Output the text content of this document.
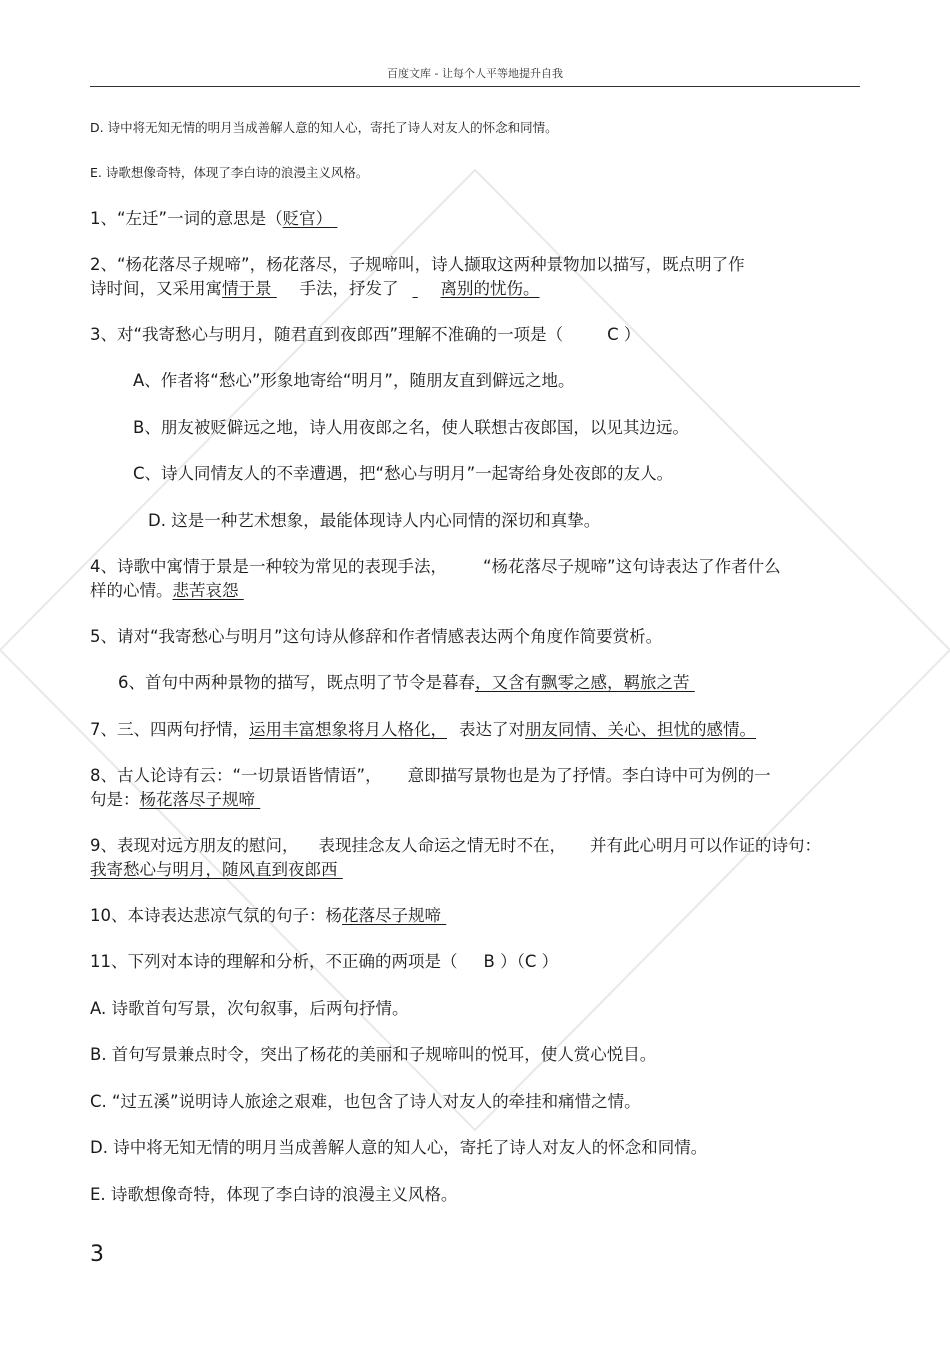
百度文库 - 让每个人平等地提升自我
D. 诗中将无知无情的明月当成善解人意的知人心，寄托了诗人对友人的怀念和同情。
E. 诗歌想像奇特，体现了李白诗的浪漫主义风格。
1、“左迁”一词的意思是（贬官）
2、“杨花落尽子规啼”，杨花落尽，子规啼叫，诗人撷取这两种景物加以描写，既点明了作
诗时间，又采用寓情于景 手法，抒发了	离别的忧伤。
3、对“我寄愁心与明月，随君直到夜郎西”理解不准确的一项是（	C ）
A、作者将“愁心”形象地寄给“明月”，随朋友直到僻远之地。
B、朋友被贬僻远之地，诗人用夜郎之名，使人联想古夜郎国，以见其边远。
C、诗人同情友人的不幸遭遇，把“愁心与明月”一起寄给身处夜郎的友人。
D. 这是一种艺术想象，最能体现诗人内心同情的深切和真挚。
4、诗歌中寓情于景是一种较为常见的表现手法， “杨花落尽子规啼”这句诗表达了作者什么
样的心情。悲苦哀怨
5、请对“我寄愁心与明月”这句诗从修辞和作者情感表达两个角度作简要赏析。
6、首句中两种景物的描写，既点明了节令是暮春，又含有飘零之感，羁旅之苦
7、三、四两句抒情，运用丰富想象将月人格化， 表达了对朋友同情、关心、担忧的感情。
8、古人论诗有云：“一切景语皆情语”， 意即描写景物也是为了抒情。李白诗中可为例的一
句是：杨花落尽子规啼
9、表现对远方朋友的慰问， 表现挂念友人命运之情无时不在， 并有此心明月可以作证的诗句：
我寄愁心与明月，随风直到夜郎西
10、本诗表达悲凉气氛的句子：杨花落尽子规啼
11、下列对本诗的理解和分析，不正确的两项是（ B ）（C ）
A. 诗歌首句写景，次句叙事，后两句抒情。
B. 首句写景兼点时令，突出了杨花的美丽和子规啼叫的悦耳，使人赏心悦目。
C. “过五溪”说明诗人旅途之艰难，也包含了诗人对友人的牵挂和痛惜之情。
D. 诗中将无知无情的明月当成善解人意的知人心，寄托了诗人对友人的怀念和同情。
E. 诗歌想像奇特，体现了李白诗的浪漫主义风格。
3
